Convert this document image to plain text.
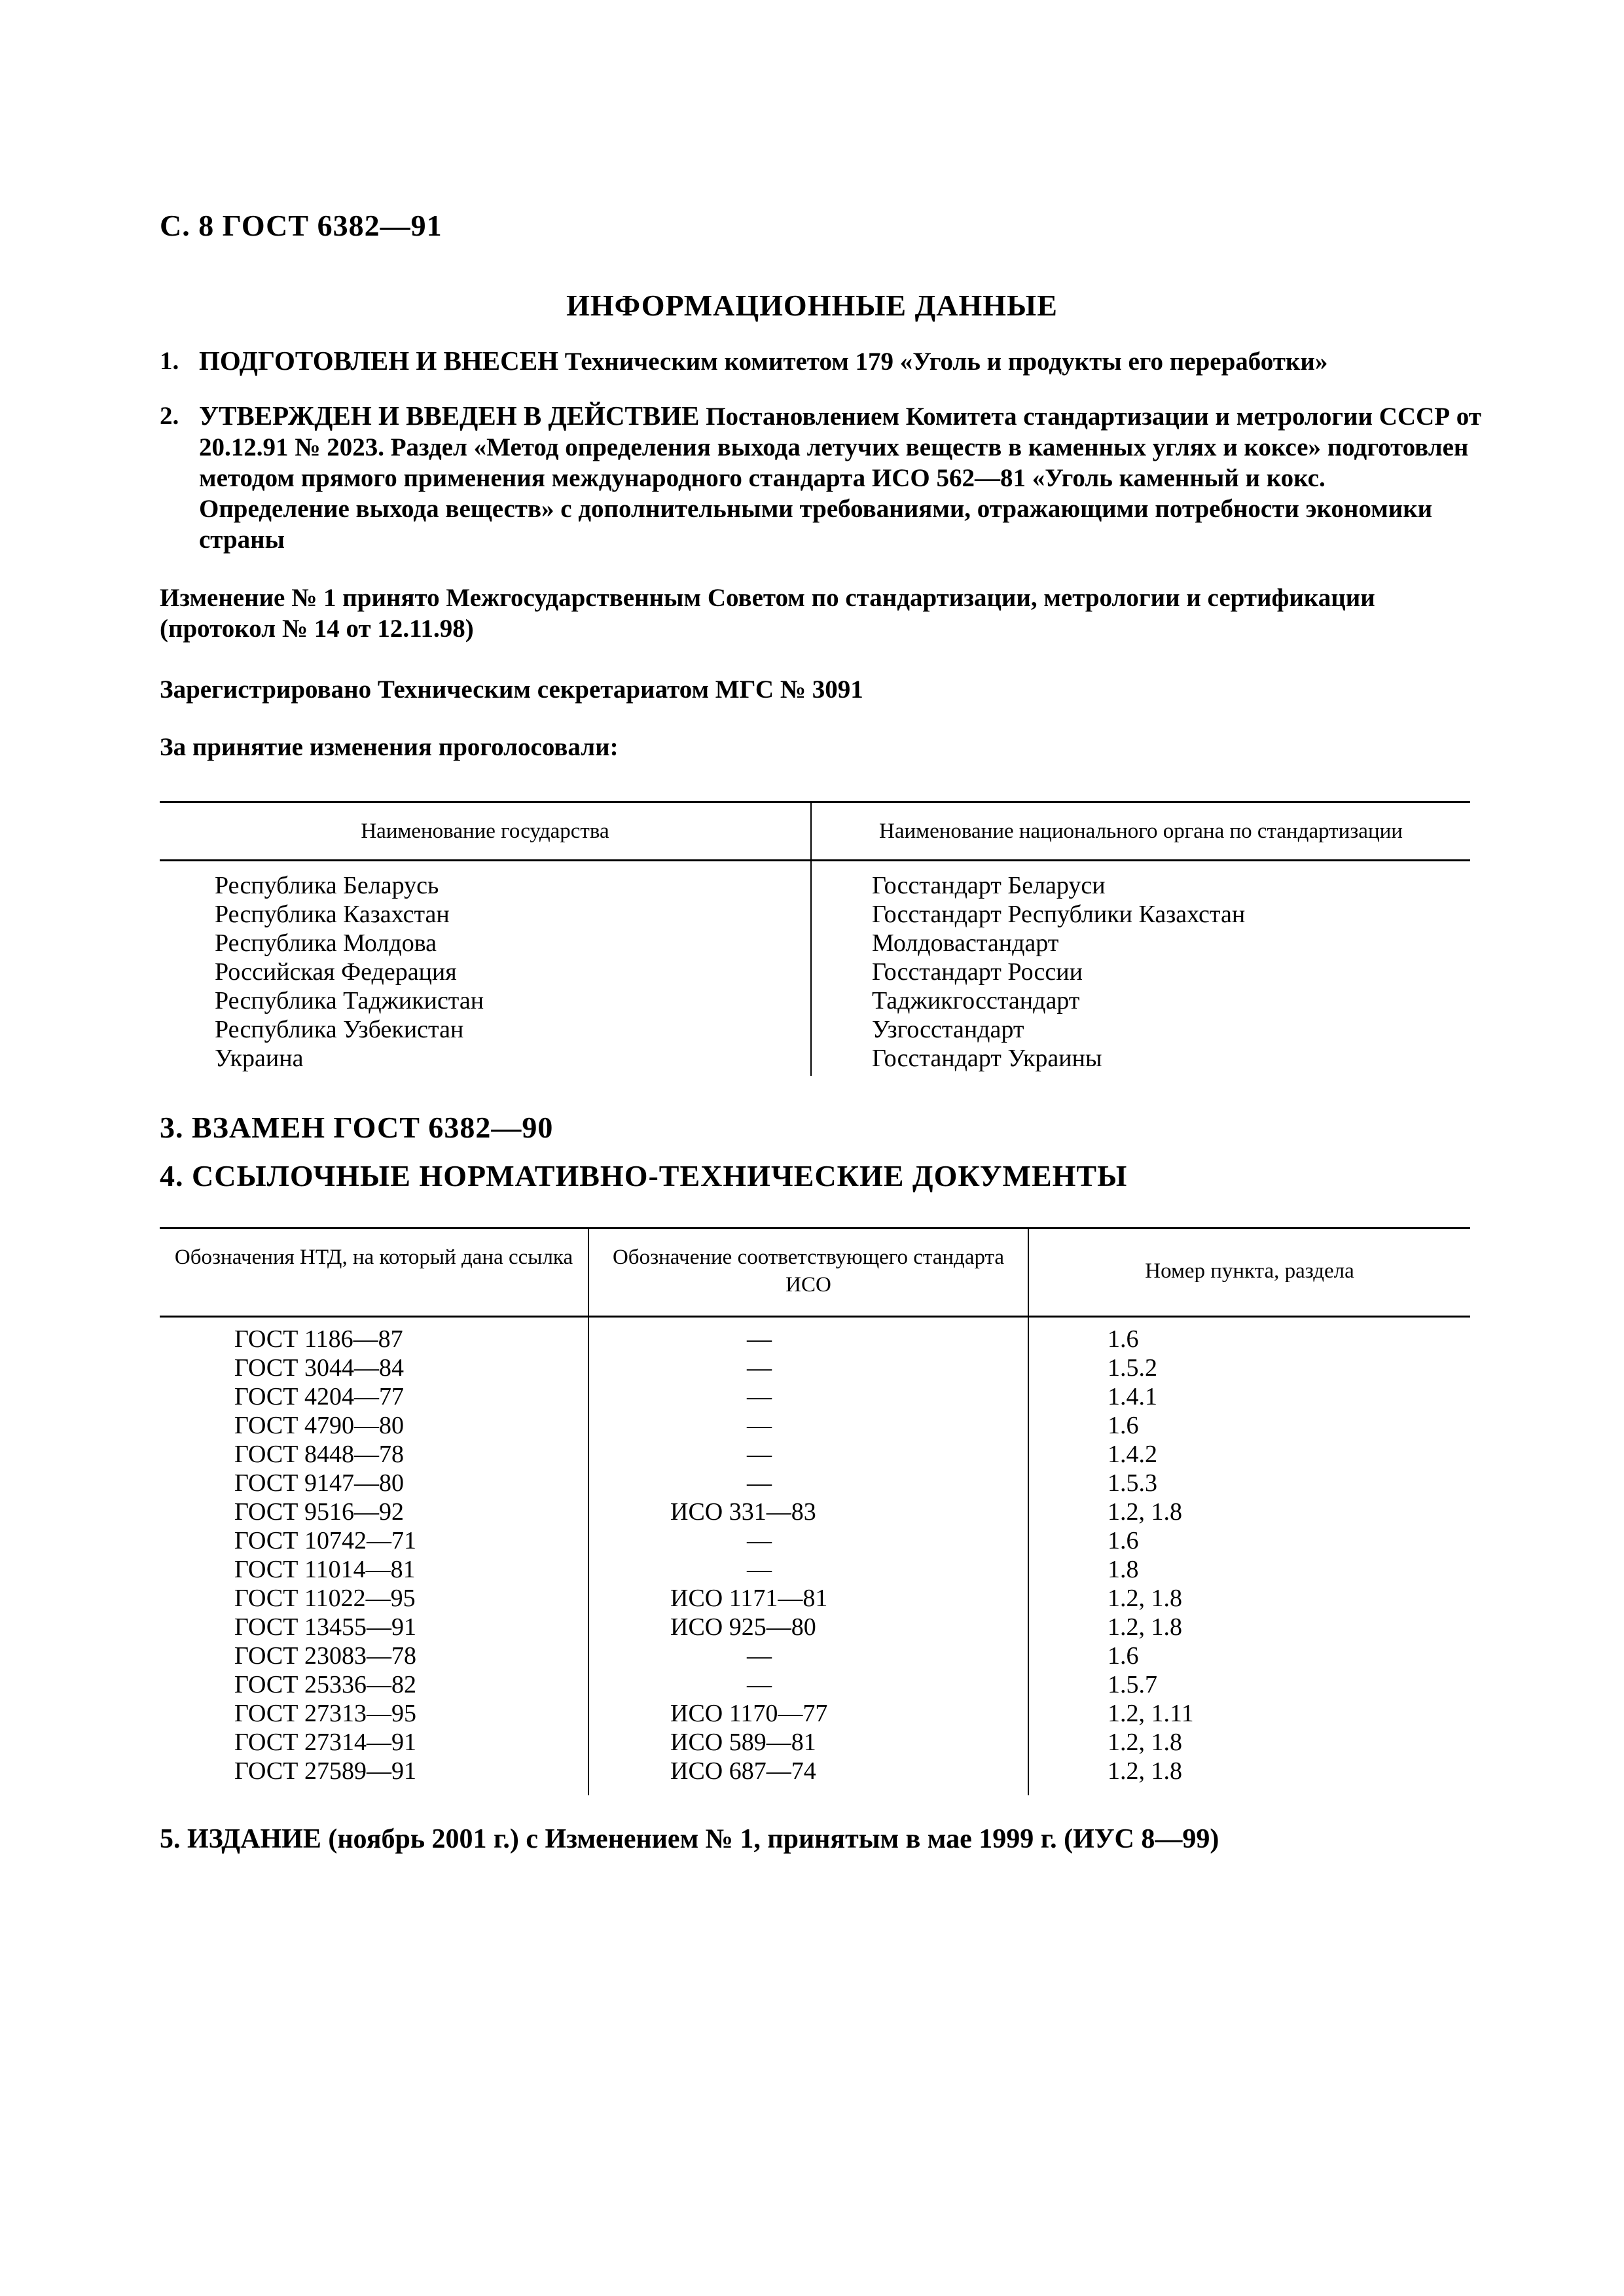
С. 8 ГОСТ 6382—91
ИНФОРМАЦИОННЫЕ ДАННЫЕ
1. ПОДГОТОВЛЕН И ВНЕСЕН Техническим комитетом 179 «Уголь и продукты его переработки»
2. УТВЕРЖДЕН И ВВЕДЕН В ДЕЙСТВИЕ Постановлением Комитета стандартизации и метрологии СССР от 20.12.91 № 2023. Раздел «Метод определения выхода летучих веществ в каменных углях и коксе» подготовлен методом прямого применения международного стандарта ИСО 562—81 «Уголь каменный и кокс. Определение выхода веществ» с дополнительными требованиями, отражающими потребности экономики страны
Изменение № 1 принято Межгосударственным Советом по стандартизации, метрологии и сертификации (протокол № 14 от 12.11.98)
Зарегистрировано Техническим секретариатом МГС № 3091
За принятие изменения проголосовали:
Наименование государства	Наименование национального органа по стандартизации
Республика Беларусь
Республика Казахстан
Республика Молдова
Российская Федерация
Республика Таджикистан
Республика Узбекистан
Украина
Госстандарт Беларуси
Госстандарт Республики Казахстан
Молдовастандарт
Госстандарт России
Таджикгосстандарт
Узгосстандарт
Госстандарт Украины
3. ВЗАМЕН ГОСТ 6382—90
4. ССЫЛОЧНЫЕ НОРМАТИВНО-ТЕХНИЧЕСКИЕ ДОКУМЕНТЫ
Обозначения НТД, на который дана ссылка	Обозначение соответствующего стандарта ИСО
Номер пункта, раздела
ГОСТ 1186—87
ГОСТ 3044—84
ГОСТ 4204—77
ГОСТ 4790—80
ГОСТ 8448—78
ГОСТ 9147—80
ГОСТ 9516—92
ГОСТ 10742—71
ГОСТ 11014—81
ГОСТ 11022—95
ГОСТ 13455—91
ГОСТ 23083—78
ГОСТ 25336—82
ГОСТ 27313—95
ГОСТ 27314—91
ГОСТ 27589—91
—
—
—
—
—
—
ИСО 331—83
—
—
ИСО 1171—81
ИСО 925—80
—
—
ИСО 1170—77
ИСО 589—81
ИСО 687—74
1.6
1.5.2
1.4.1
1.6
1.4.2
1.5.3
1.2, 1.8
1.6
1.8
1.2, 1.8
1.2, 1.8
1.6
1.5.7
1.2, 1.11
1.2, 1.8
1.2, 1.8
5. ИЗДАНИЕ (ноябрь 2001 г.) с Изменением № 1, принятым в мае 1999 г. (ИУС 8—99)
